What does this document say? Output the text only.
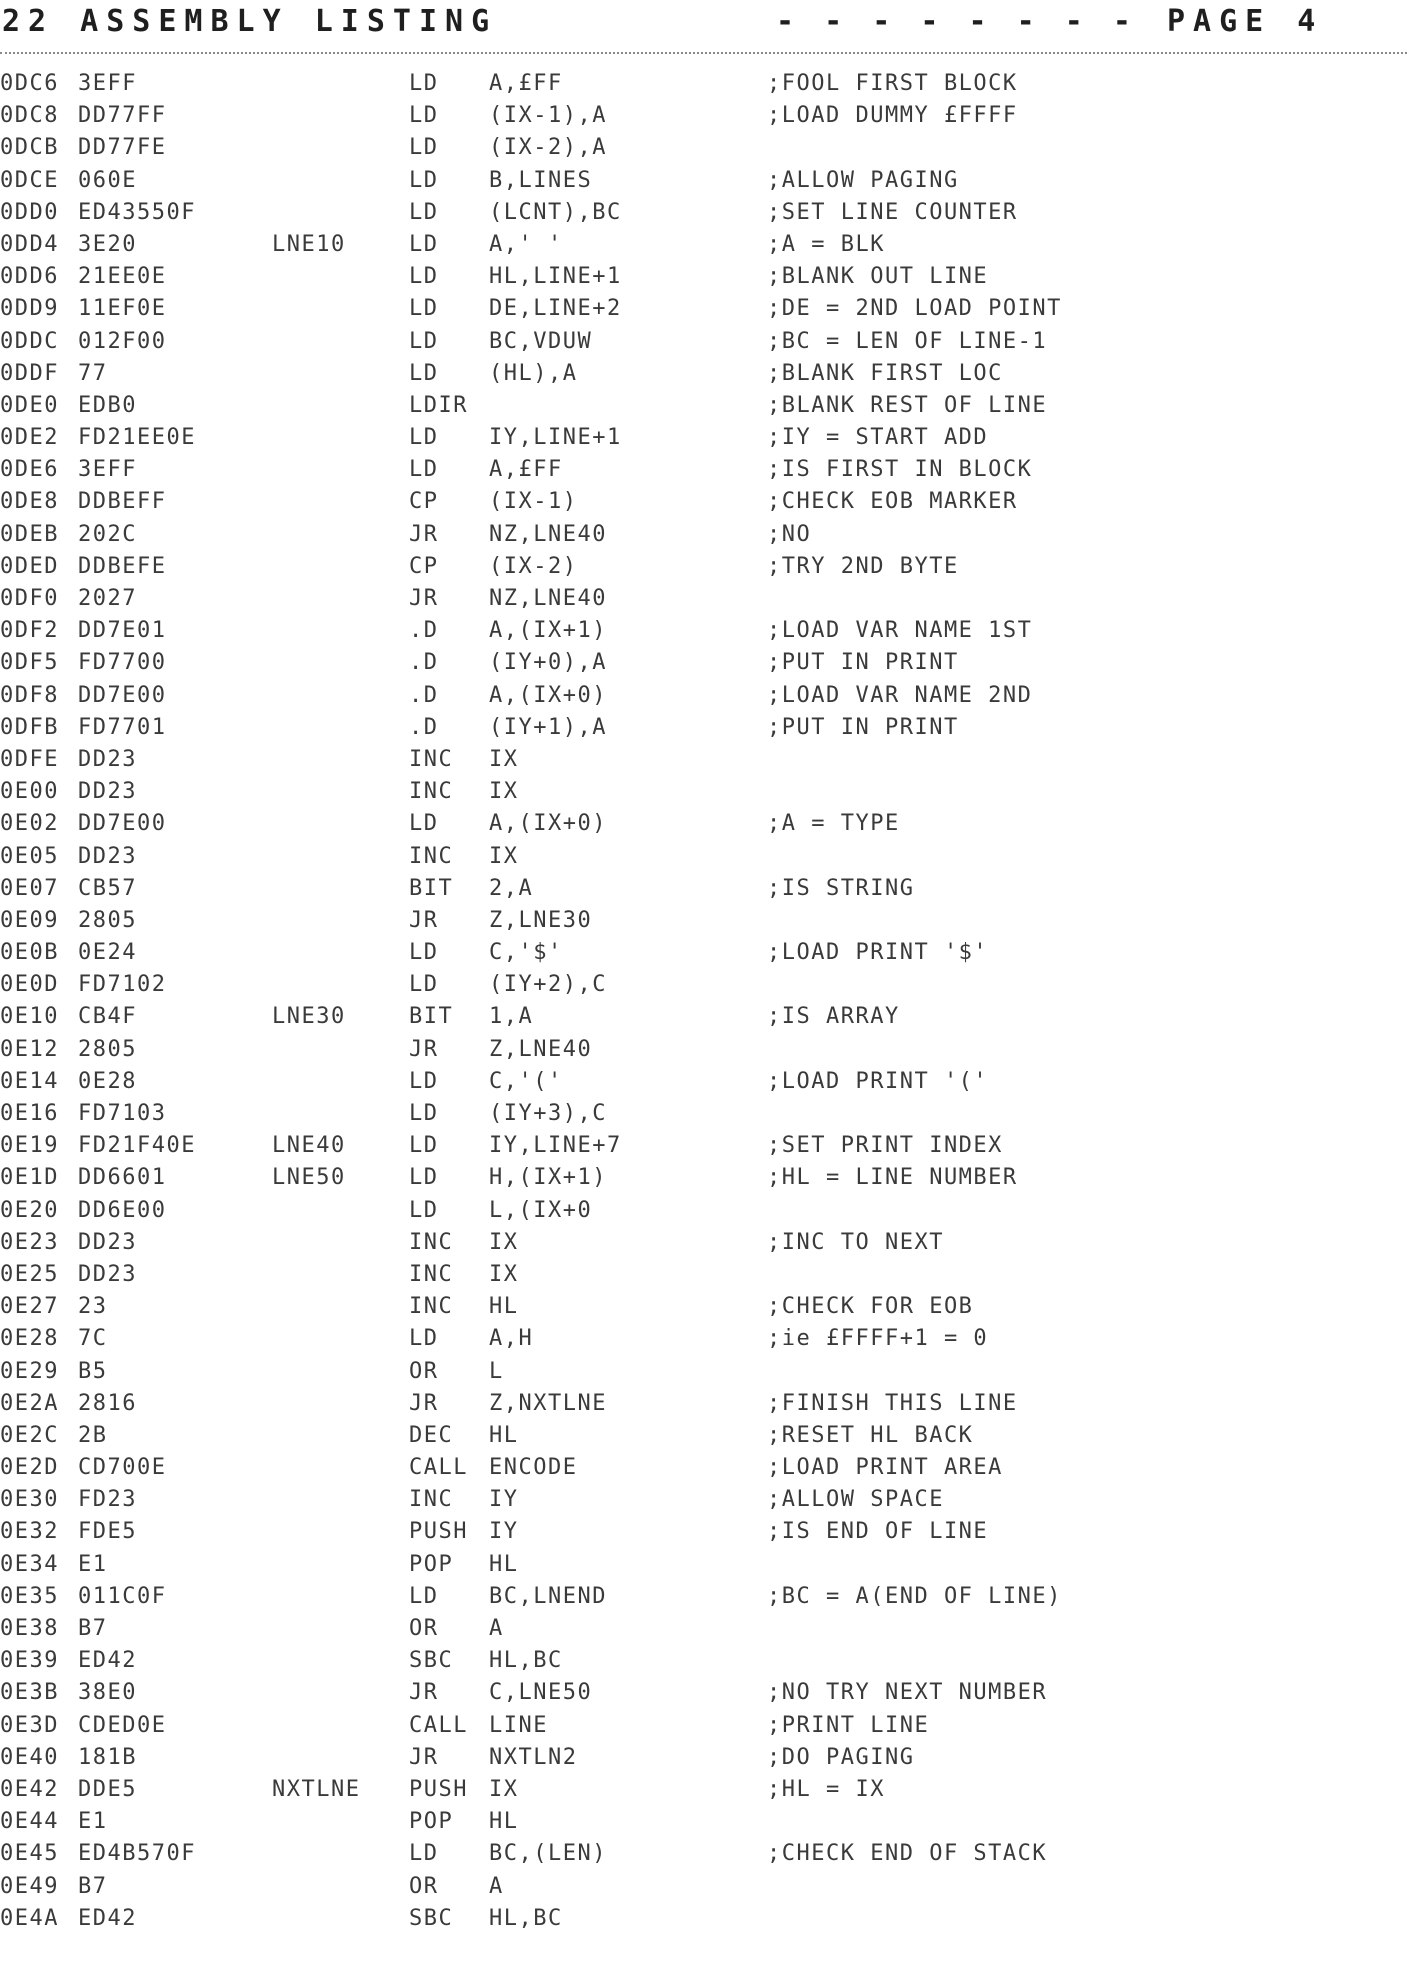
22 ASSEMBLY LISTING

	- - - - - - - -

PAGE 4

0DC6 3EFF	LD A,£FF	;FOOL FIRST BLOCK
0DC8 DD77FF	LD (IX-1),A	;LOAD DUMMY £FFFF
0DCB DD77FE	LD (IX-2),A
0DCE 060E	LD B,LINES	;ALLOW PAGING
0DD0 ED43550F	LD (LCNT),BC	;SET LINE COUNTER
0DD4 3E20	LNE10	LD A,' '	;A = BLK
0DD6 21EE0E	LD HL,LINE+1	;BLANK OUT LINE
0DD9 11EF0E	LD DE,LINE+2	;DE = 2ND LOAD POINT
0DDC 012F00	LD BC,VDUW	;BC = LEN OF LINE-1
0DDF 77	LD (HL),A	;BLANK FIRST LOC
0DE0 EDB0	LDIR	;BLANK REST OF LINE
0DE2 FD21EE0E	LD IY,LINE+1	;IY = START ADD
0DE6 3EFF	LD A,£FF	;IS FIRST IN BLOCK
0DE8 DDBEFF	CP (IX-1)	;CHECK EOB MARKER
0DEB 202C	JR NZ,LNE40	;NO
0DED DDBEFE	CP (IX-2)	;TRY 2ND BYTE
0DF0 2027	JR NZ,LNE40
0DF2 DD7E01	.D A,(IX+1)	;LOAD VAR NAME 1ST
0DF5 FD7700	.D (IY+0),A	;PUT IN PRINT
0DF8 DD7E00	.D A,(IX+0)	;LOAD VAR NAME 2ND
0DFB FD7701	.D (IY+1),A	;PUT IN PRINT
0DFE DD23	INC IX
0E00 DD23	INC IX
0E02 DD7E00	LD A,(IX+0)	;A = TYPE
0E05 DD23	INC IX
0E07 CB57	BIT 2,A	;IS STRING
0E09 2805	JR Z,LNE30
0E0B 0E24	LD C,'$'	;LOAD PRINT '$'
0E0D FD7102	LD (IY+2),C
0E10 CB4F	LNE30	BIT 1,A	;IS ARRAY
0E12 2805	JR Z,LNE40
0E14 0E28	LD C,'('	;LOAD PRINT '('
0E16 FD7103	LD (IY+3),C
0E19 FD21F40E	LNE40	LD IY,LINE+7	;SET PRINT INDEX
0E1D DD6601	LNE50	LD H,(IX+1)	;HL = LINE NUMBER
0E20 DD6E00	LD L,(IX+0
0E23 DD23	INC IX	;INC TO NEXT
0E25 DD23	INC IX
0E27 23	INC HL	;CHECK FOR EOB
0E28 7C	LD A,H	;ie £FFFF+1 = 0
0E29 B5	OR L
0E2A 2816	JR Z,NXTLNE	;FINISH THIS LINE
0E2C 2B	DEC HL	;RESET HL BACK
0E2D CD700E	CALL ENCODE	;LOAD PRINT AREA
0E30 FD23	INC IY	;ALLOW SPACE
0E32 FDE5	PUSH IY	;IS END OF LINE
0E34 E1	POP HL
0E35 011C0F	LD BC,LNEND	;BC = A(END OF LINE)
0E38 B7	OR A
0E39 ED42	SBC HL,BC
0E3B 38E0	JR C,LNE50	;NO TRY NEXT NUMBER
0E3D CDED0E	CALL LINE	;PRINT LINE
0E40 181B	JR NXTLN2	;DO PAGING
0E42 DDE5	NXTLNE PUSH IX	;HL = IX
0E44 E1	POP HL
0E45 ED4B570F	LD BC,(LEN)	;CHECK END OF STACK
0E49 B7	OR A
0E4A ED42	SBC HL,BC
